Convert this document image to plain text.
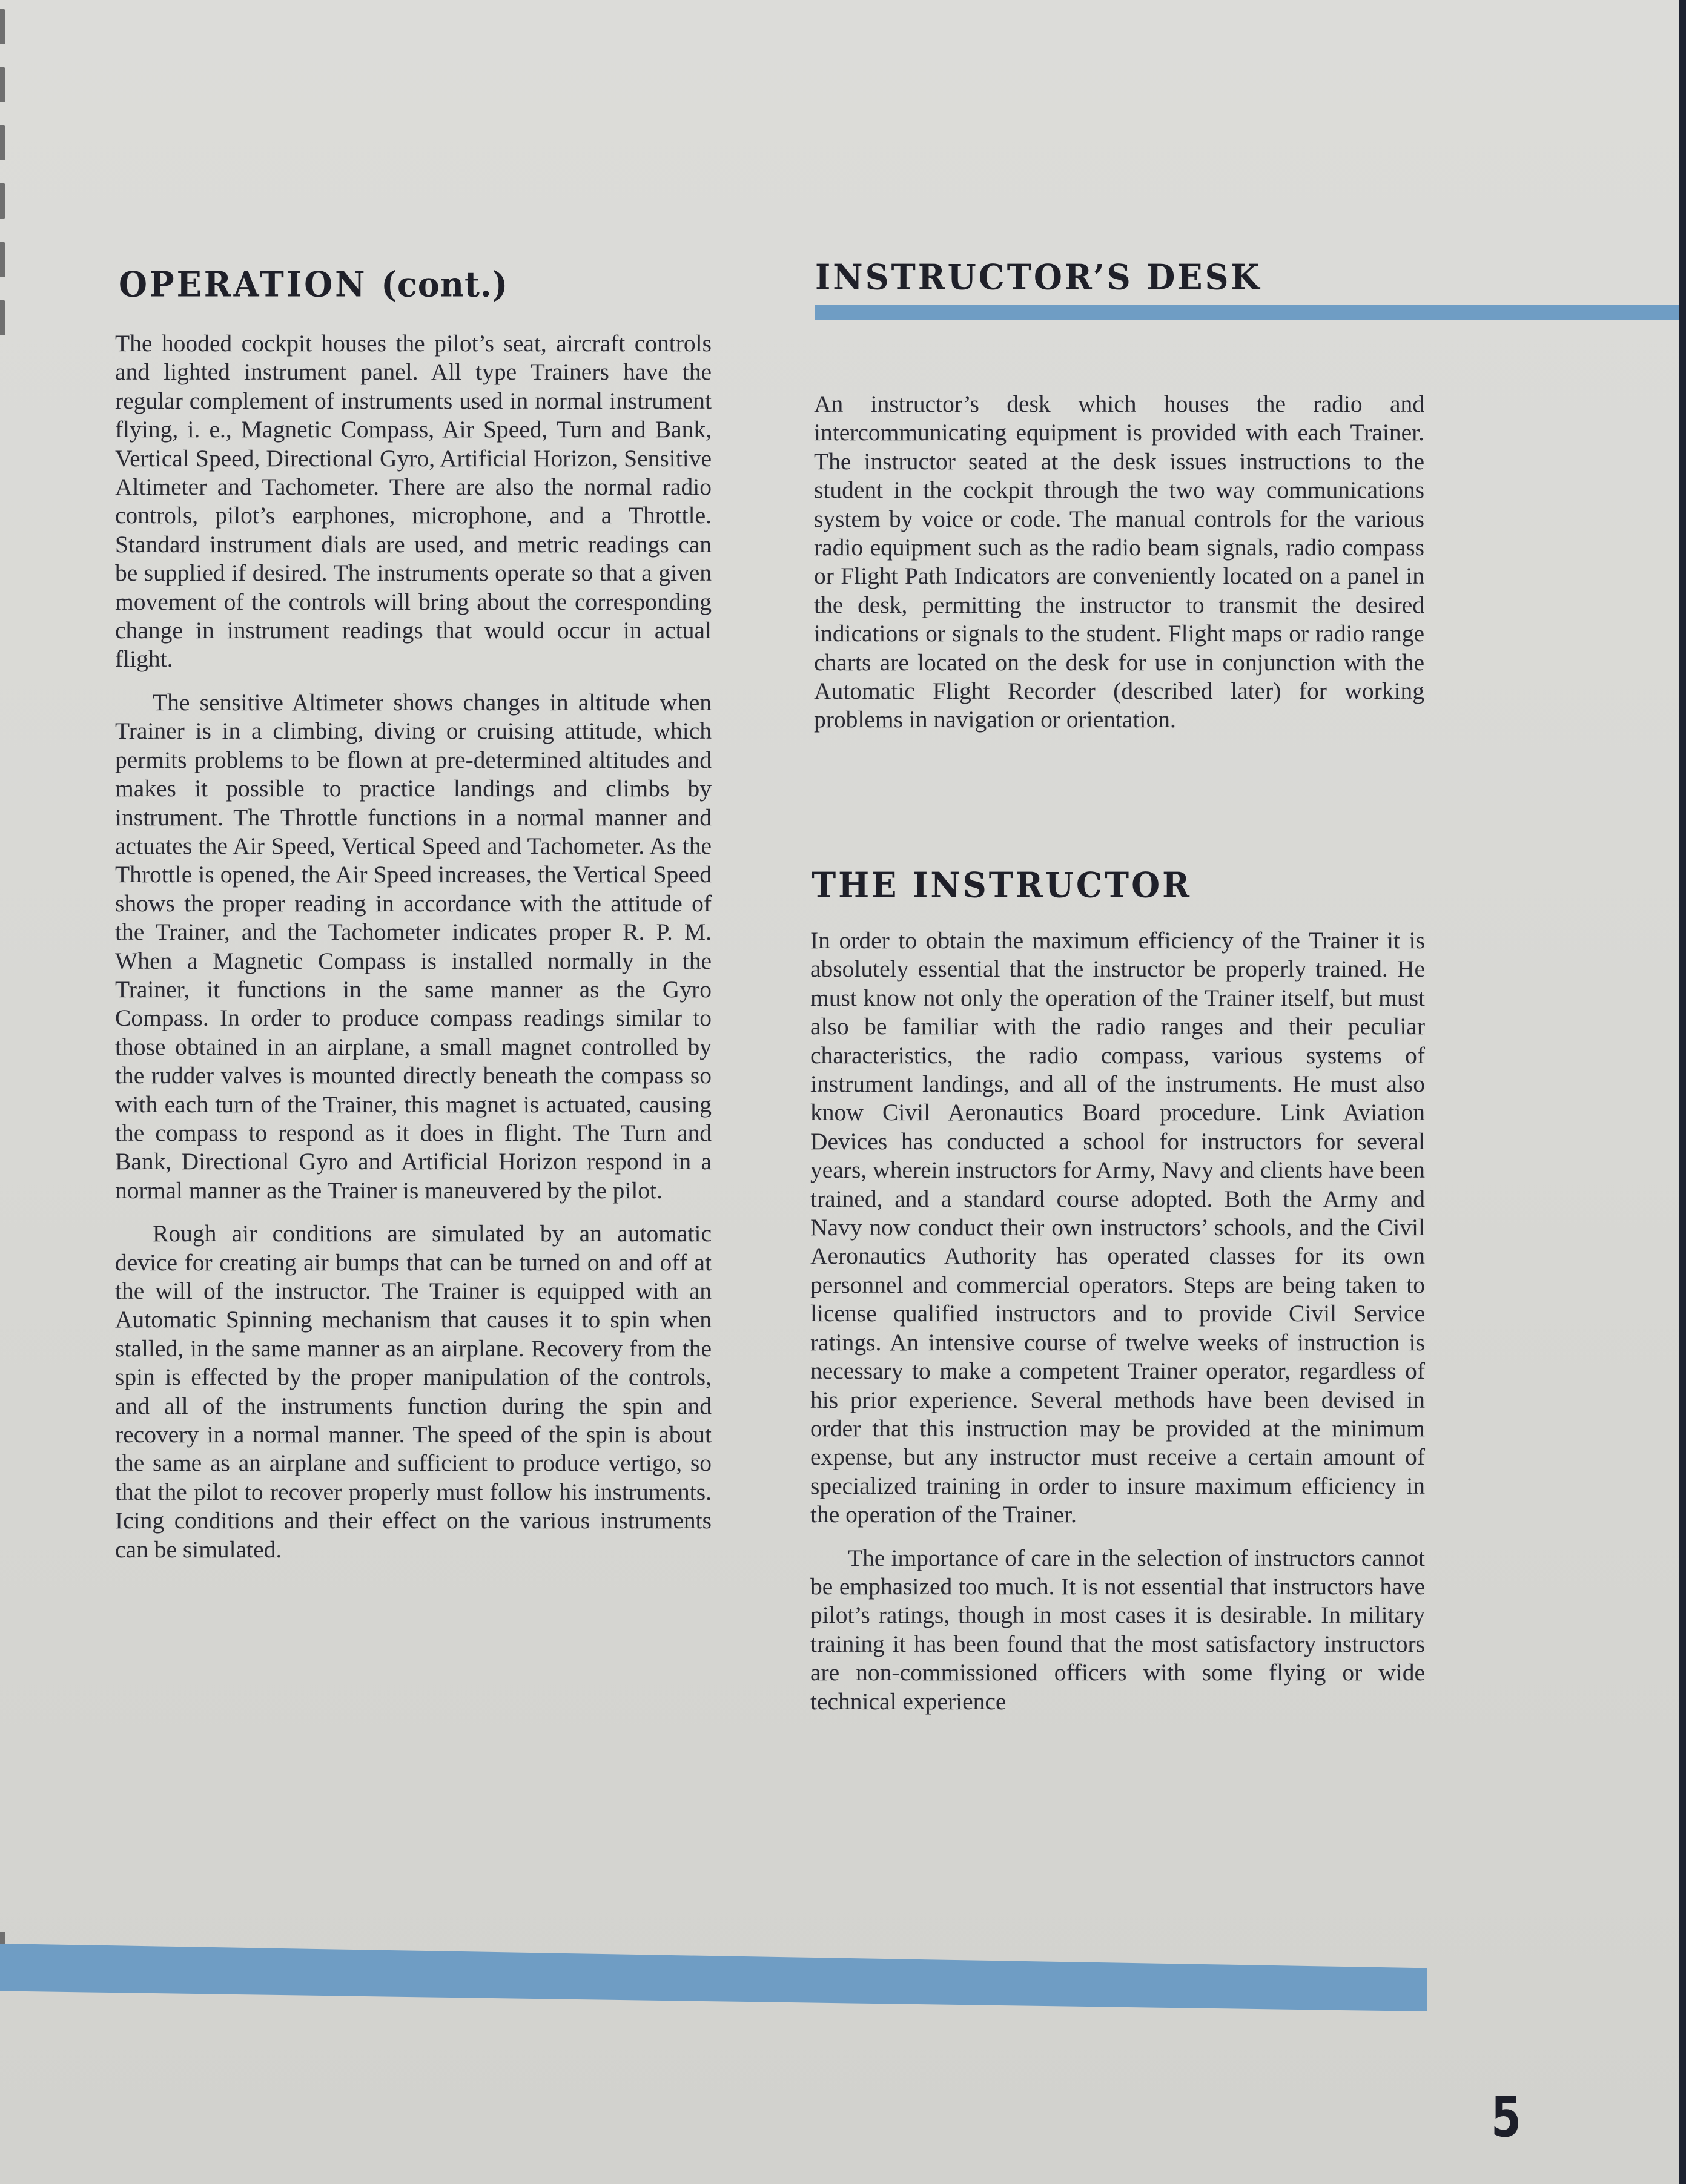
OPERATION (cont.)

The hooded cockpit houses the pilot’s seat, aircraft controls and lighted instrument panel. All type Trainers have the regular complement of instruments used in normal instrument flying, i. e., Magnetic Compass, Air Speed, Turn and Bank, Vertical Speed, Directional Gyro, Artificial Horizon, Sensitive Altimeter and Tachometer. There are also the normal radio controls, pilot’s earphones, microphone, and a Throttle. Standard instrument dials are used, and metric readings can be supplied if desired. The instruments operate so that a given movement of the controls will bring about the corresponding change in instrument readings that would occur in actual flight.

The sensitive Altimeter shows changes in altitude when Trainer is in a climbing, diving or cruising attitude, which permits problems to be flown at pre-determined altitudes and makes it possible to practice landings and climbs by instrument. The Throttle functions in a normal manner and actuates the Air Speed, Vertical Speed and Tachometer. As the Throttle is opened, the Air Speed increases, the Vertical Speed shows the proper reading in accordance with the attitude of the Trainer, and the Tachometer indicates proper R. P. M. When a Magnetic Compass is installed normally in the Trainer, it functions in the same manner as the Gyro Compass. In order to produce compass readings similar to those obtained in an airplane, a small magnet controlled by the rudder valves is mounted directly beneath the compass so with each turn of the Trainer, this magnet is actuated, causing the compass to respond as it does in flight. The Turn and Bank, Directional Gyro and Artificial Horizon respond in a normal manner as the Trainer is maneuvered by the pilot.

Rough air conditions are simulated by an automatic device for creating air bumps that can be turned on and off at the will of the instructor. The Trainer is equipped with an Automatic Spinning mechanism that causes it to spin when stalled, in the same manner as an airplane. Recovery from the spin is effected by the proper manipulation of the controls, and all of the instruments function during the spin and recovery in a normal manner. The speed of the spin is about the same as an airplane and sufficient to produce vertigo, so that the pilot to recover properly must follow his instruments. Icing conditions and their effect on the various instruments can be simulated.

INSTRUCTOR’S DESK

An instructor’s desk which houses the radio and intercommunicating equipment is provided with each Trainer. The instructor seated at the desk issues instructions to the student in the cockpit through the two way communications system by voice or code. The manual controls for the various radio equipment such as the radio beam signals, radio compass or Flight Path Indicators are conveniently located on a panel in the desk, permitting the instructor to transmit the desired indications or signals to the student. Flight maps or radio range charts are located on the desk for use in conjunction with the Automatic Flight Recorder (described later) for working problems in navigation or orientation.

THE INSTRUCTOR

In order to obtain the maximum efficiency of the Trainer it is absolutely essential that the instructor be properly trained. He must know not only the operation of the Trainer itself, but must also be familiar with the radio ranges and their peculiar characteristics, the radio compass, various systems of instrument landings, and all of the instruments. He must also know Civil Aeronautics Board procedure. Link Aviation Devices has conducted a school for instructors for several years, wherein instructors for Army, Navy and clients have been trained, and a standard course adopted. Both the Army and Navy now conduct their own instructors’ schools, and the Civil Aeronautics Authority has operated classes for its own personnel and commercial operators. Steps are being taken to license qualified instructors and to provide Civil Service ratings. An intensive course of twelve weeks of instruction is necessary to make a competent Trainer operator, regardless of his prior experience. Several methods have been devised in order that this instruction may be provided at the minimum expense, but any instructor must receive a certain amount of specialized training in order to insure maximum efficiency in the operation of the Trainer.

The importance of care in the selection of instructors cannot be emphasized too much. It is not essential that instructors have pilot’s ratings, though in most cases it is desirable. In military training it has been found that the most satisfactory instructors are non-commissioned officers with some flying or wide technical experience

5
